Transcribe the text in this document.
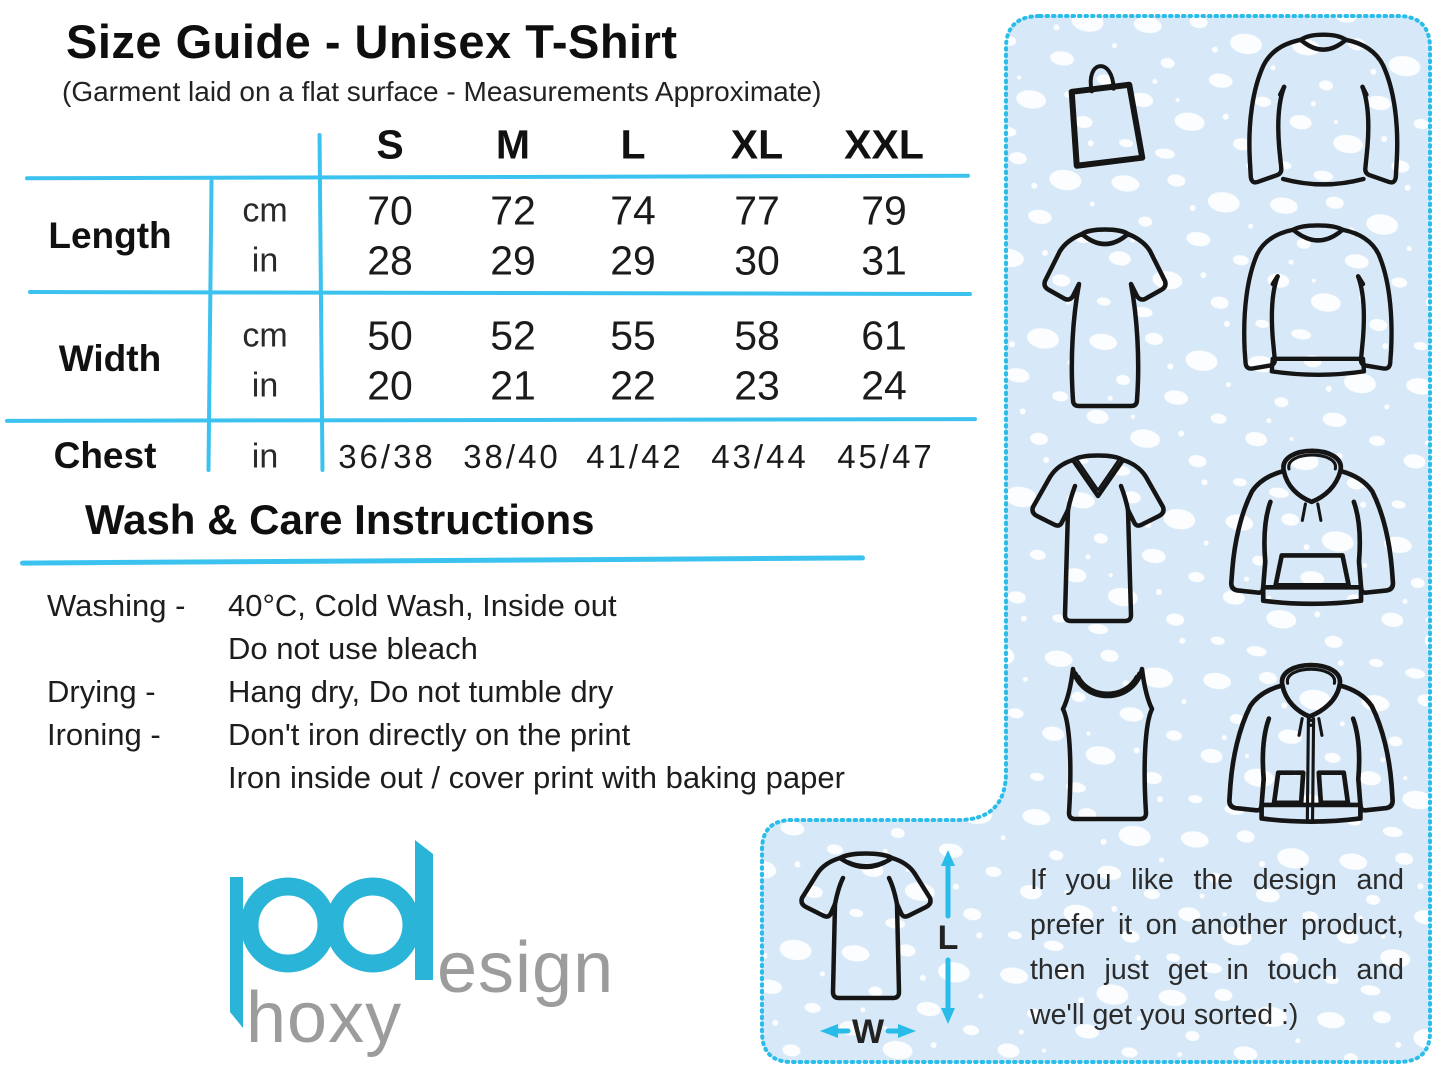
Size Guide - Unisex T-Shirt
(Garment laid on a flat surface - Measurements Approximate)
S M L XL XXL
Length
cm
in
70 72 74 77 79
28 29 29 30 31
Width
cm
in
50 52 55 58 61
20 21 22 23 24
Chest	in 36/38 38/40 41/42 43/44 45/47
Wash & Care Instructions
Washing - 40°C, Cold Wash, Inside out
Do not use bleach
Drying - Hang dry, Do not tumble dry
Ironing - Don't iron directly on the print
Iron inside out / cover print with baking paper
esign
hoxy
L
W
If you like the design and
prefer it on another product,
then just get in touch and
we'll get you sorted :)
